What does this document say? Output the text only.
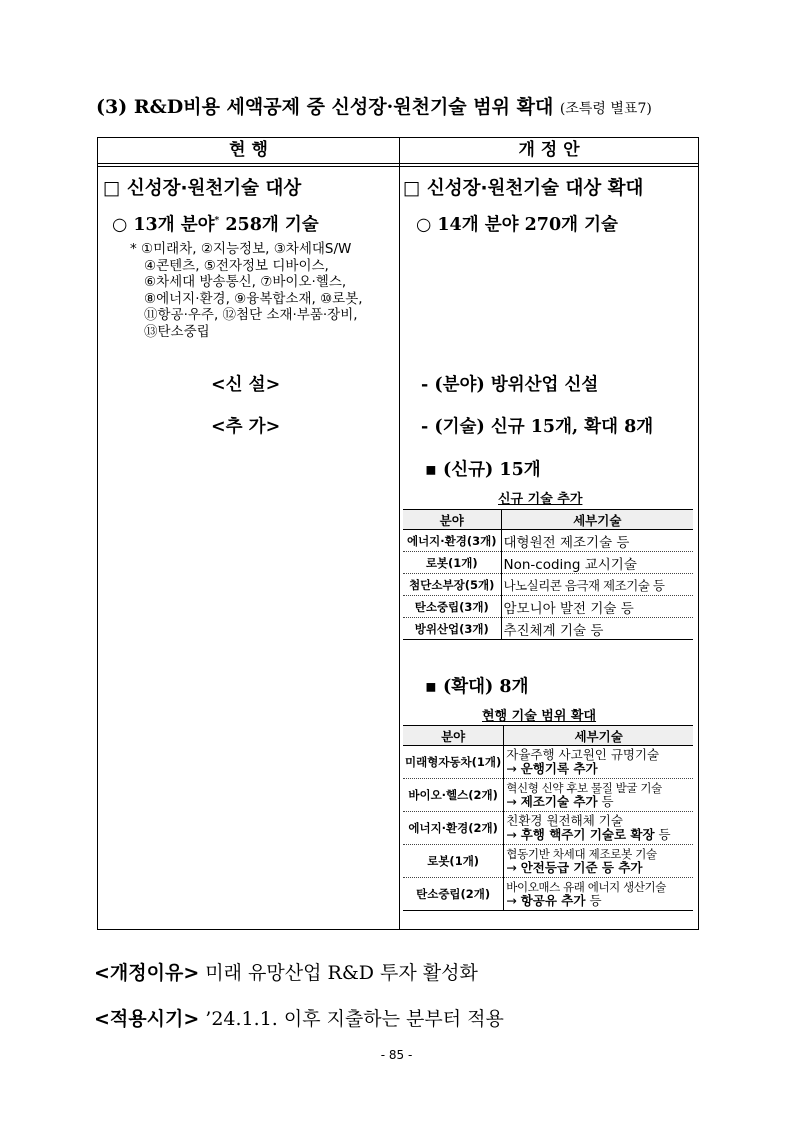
(3) R&D비용 세액공제 중 신성장·원천기술 범위 확대 (조특령 별표7)
현 행	개 정 안
□ 신성장·원천기술 대상
○ 13개 분야* 258개 기술
* ①미래차, ②지능정보, ③차세대S/W
④콘텐츠, ⑤전자정보 디바이스,
⑥차세대 방송통신, ⑦바이오·헬스,
⑧에너지·환경, ⑨융복합소재, ⑩로봇,
⑪항공·우주, ⑫첨단 소재·부품·장비,
⑬탄소중립
<신 설>
<추 가>
□ 신성장·원천기술 대상 확대
○ 14개 분야 270개 기술
- (분야) 방위산업 신설
- (기술) 신규 15개, 확대 8개
▪ (신규) 15개
신규 기술 추가
분야	세부기술
에너지·환경(3개)	대형원전 제조기술 등
로봇(1개)	Non-coding 교시기술
첨단소부장(5개)	나노실리콘 음극재 제조기술 등
탄소중립(3개)	암모니아 발전 기술 등
방위산업(3개)	추진체계 기술 등
▪ (확대) 8개
현행 기술 범위 확대
분야	세부기술
미래형자동차(1개)	자율주행 사고원인 규명기술
→ 운행기록 추가
바이오·헬스(2개)	혁신형 신약 후보 물질 발굴 기술
→ 제조기술 추가 등
에너지·환경(2개)	친환경 원전해체 기술
→ 후행 핵주기 기술로 확장 등
로봇(1개)	협동기반 차세대 제조로봇 기술
→ 안전등급 기준 등 추가
탄소중립(2개)	바이오매스 유래 에너지 생산기술
→ 항공유 추가 등
<개정이유> 미래 유망산업 R&D 투자 활성화
<적용시기> ’24.1.1. 이후 지출하는 분부터 적용
- 85 -
